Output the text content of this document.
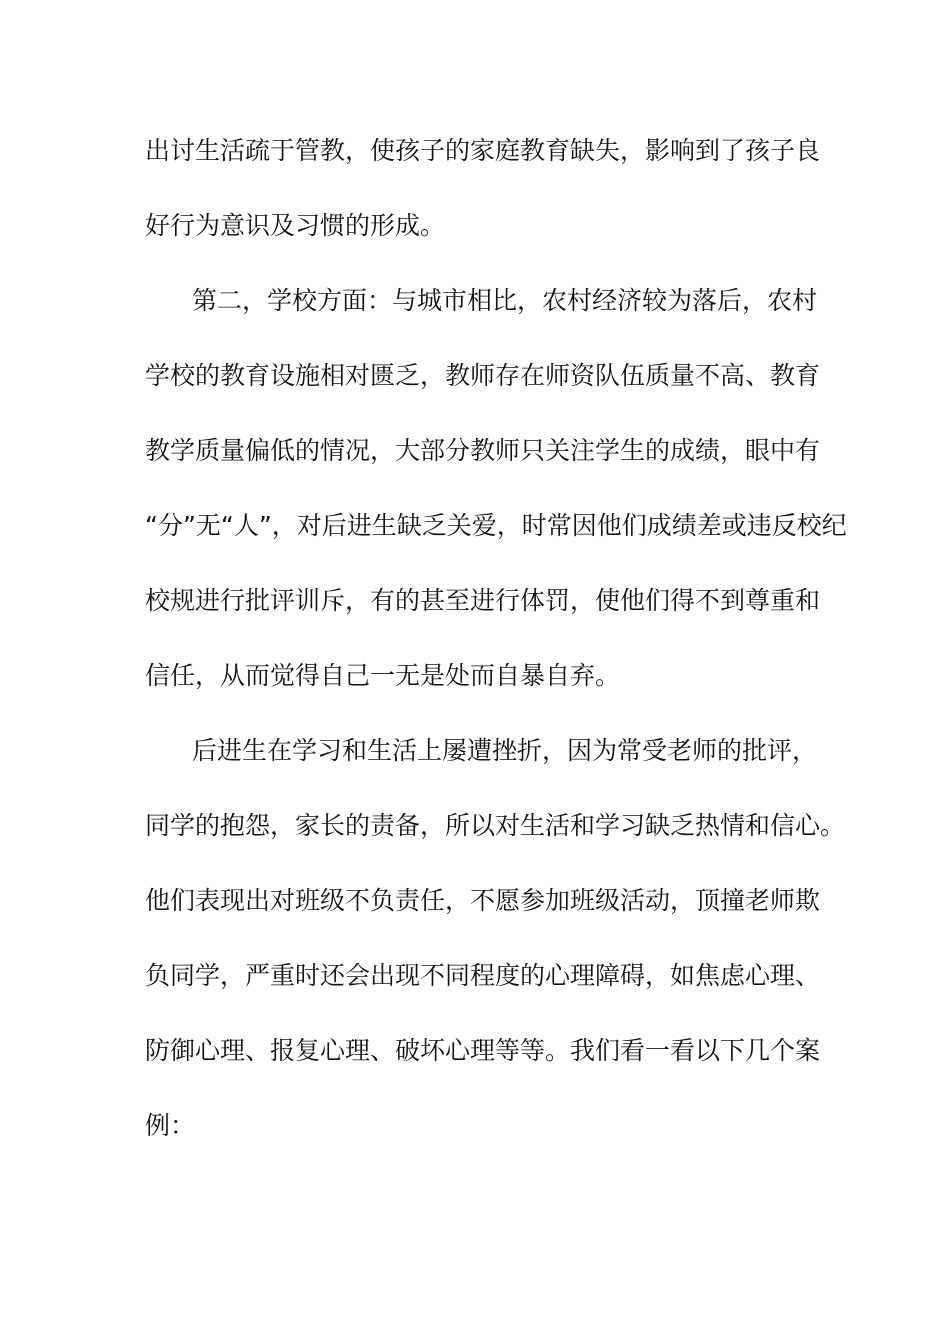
出讨生活疏于管教，使孩子的家庭教育缺失，影响到了孩子良

好行为意识及习惯的形成。

第二，学校方面：与城市相比，农村经济较为落后，农村

学校的教育设施相对匮乏，教师存在师资队伍质量不高、教育

教学质量偏低的情况，大部分教师只关注学生的成绩，眼中有

“分”无“人”，对后进生缺乏关爱，时常因他们成绩差或违反校纪

校规进行批评训斥，有的甚至进行体罚，使他们得不到尊重和

信任，从而觉得自己一无是处而自暴自弃。

后进生在学习和生活上屡遭挫折，因为常受老师的批评，

同学的抱怨，家长的责备，所以对生活和学习缺乏热情和信心。

他们表现出对班级不负责任，不愿参加班级活动，顶撞老师欺

负同学，严重时还会出现不同程度的心理障碍，如焦虑心理、

防御心理、报复心理、破坏心理等等。我们看一看以下几个案

例：
